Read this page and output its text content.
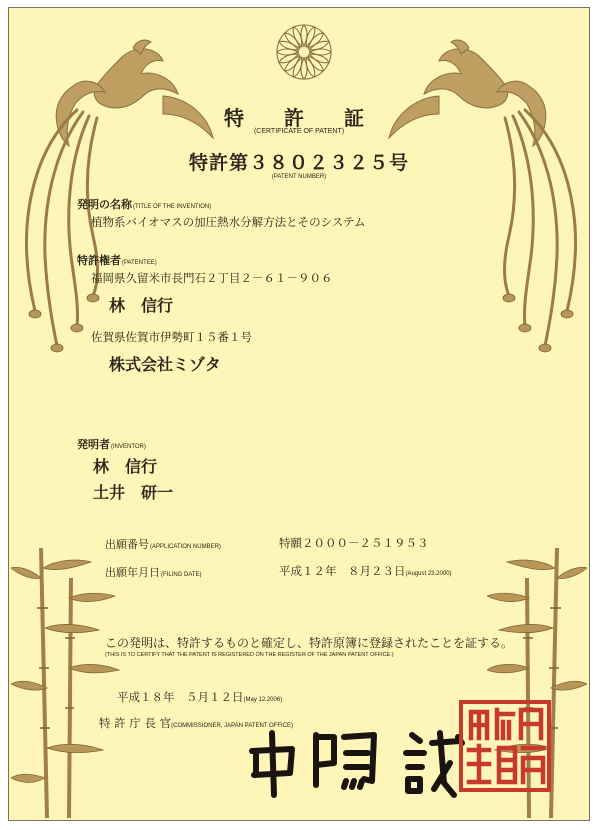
特　許　証
(CERTIFICATE OF PATENT)
特許第３８０２３２５号
(PATENT NUMBER)
発明の名称(TITLE OF THE INVENTION)
植物系バイオマスの加圧熱水分解方法とそのシステム
特許権者(PATENTEE)
福岡県久留米市長門石２丁目２－６１－９０６
林　信行
佐賀県佐賀市伊勢町１５番１号
株式会社ミゾタ
発明者(INVENTOR)
林　信行
土井　研一
出願番号(APPLICATION NUMBER)	特願２０００－２５１９５３
出願年月日(FILING DATE)	平成１２年　８月２３日(August 23.2000)
この発明は、特許するものと確定し、特許原簿に登録されたことを証する。
(THIS IS TO CERTIFY THAT THE PATENT IS REGISTERED ON THE REGISTER OF THE JAPAN PATENT OFFICE.)
平成１８年　５月１２日(May 12.2006)
特 許 庁 長 官(COMMISSIONER, JAPAN PATENT OFFICE)
